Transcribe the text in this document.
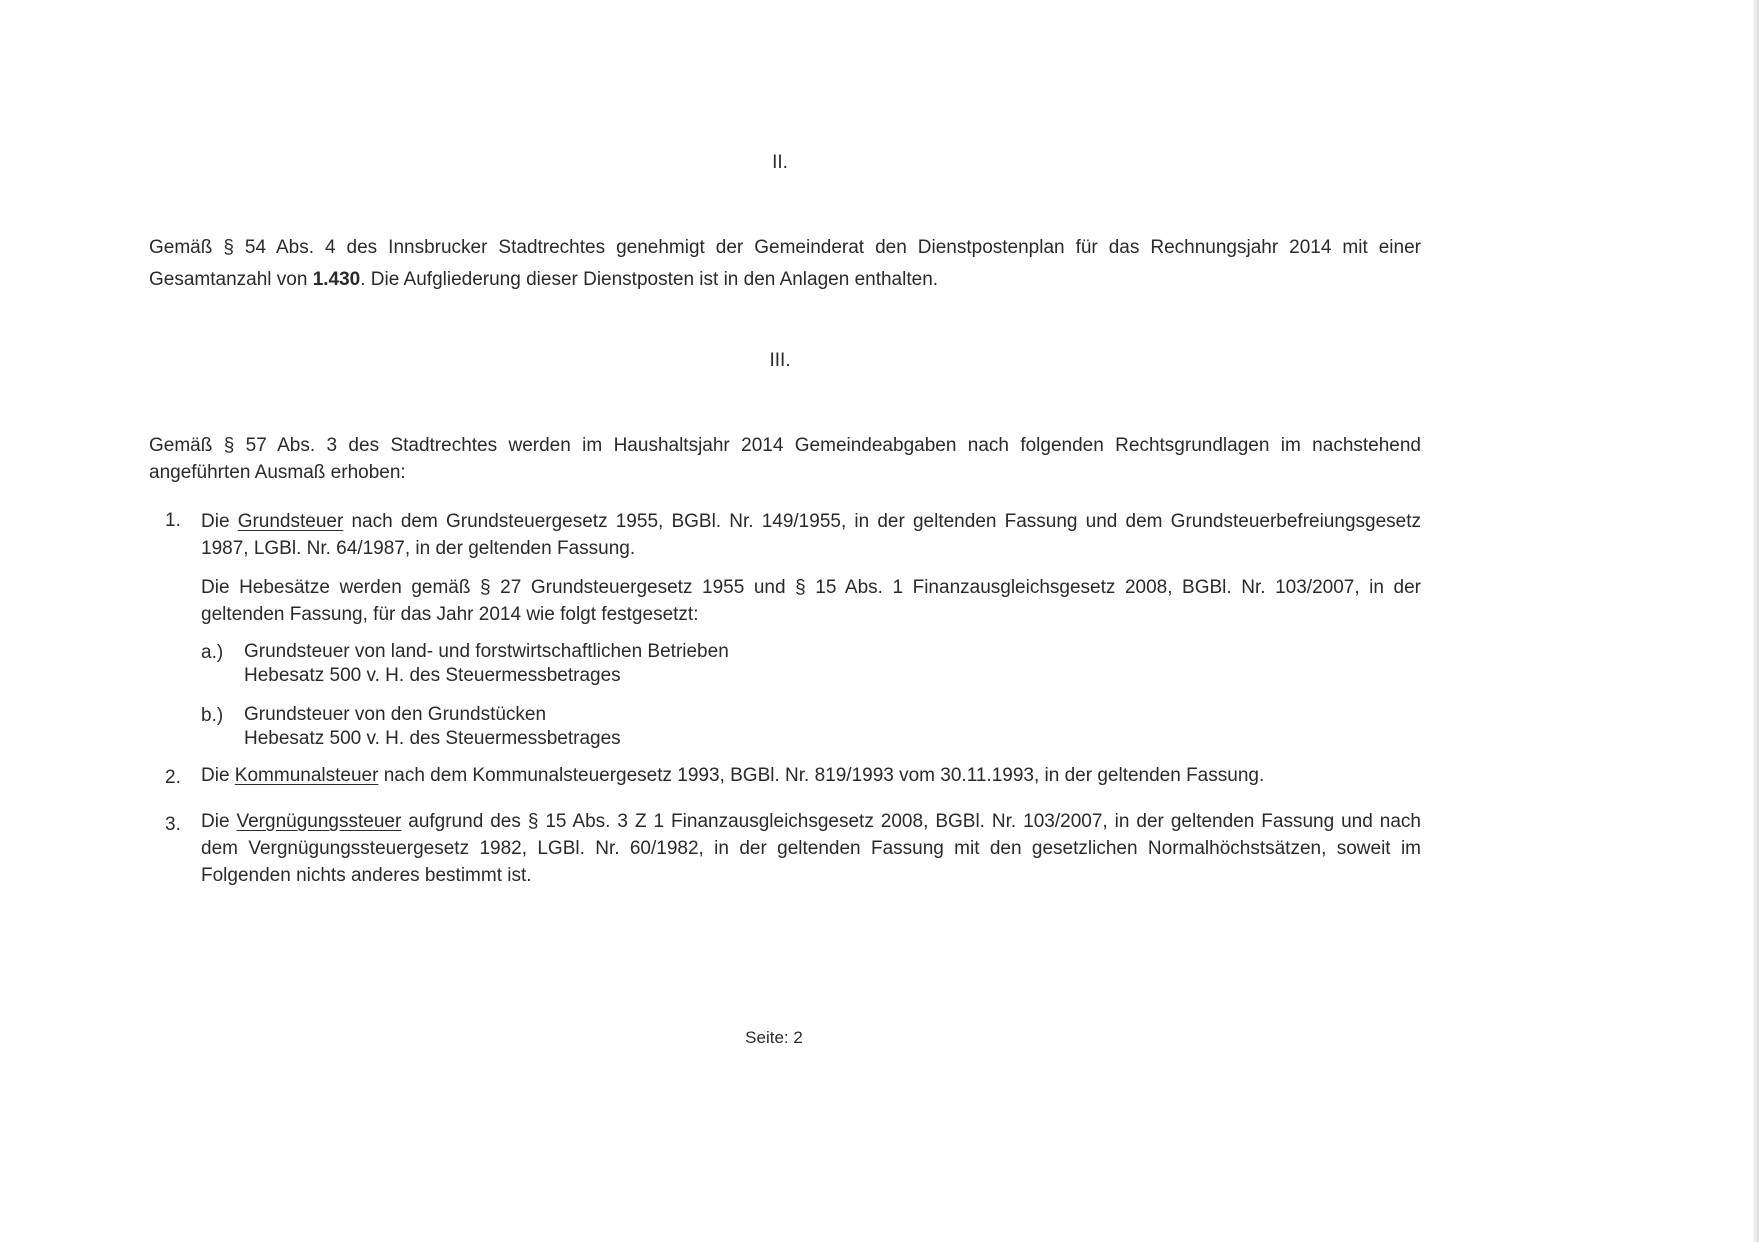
II.
Gemäß § 54 Abs. 4 des Innsbrucker Stadtrechtes genehmigt der Gemeinderat den Dienstpostenplan für das Rechnungsjahr 2014 mit einer Gesamtanzahl von 1.430. Die Aufgliederung dieser Dienstposten ist in den Anlagen enthalten.
III.
Gemäß § 57 Abs. 3 des Stadtrechtes werden im Haushaltsjahr 2014 Gemeindeabgaben nach folgenden Rechtsgrundlagen im nachstehend angeführten Ausmaß erhoben:
1. Die Grundsteuer nach dem Grundsteuergesetz 1955, BGBl. Nr. 149/1955, in der geltenden Fassung und dem Grundsteuerbefreiungsgesetz 1987, LGBl. Nr. 64/1987, in der geltenden Fassung.
Die Hebesätze werden gemäß § 27 Grundsteuergesetz 1955 und § 15 Abs. 1 Finanzausgleichsgesetz 2008, BGBl. Nr. 103/2007, in der geltenden Fassung, für das Jahr 2014 wie folgt festgesetzt:
a.) Grundsteuer von land- und forstwirtschaftlichen Betrieben
Hebesatz 500 v. H. des Steuermessbetrages
b.) Grundsteuer von den Grundstücken
Hebesatz 500 v. H. des Steuermessbetrages
2. Die Kommunalsteuer nach dem Kommunalsteuergesetz 1993, BGBl. Nr. 819/1993 vom 30.11.1993, in der geltenden Fassung.
3. Die Vergnügungssteuer aufgrund des § 15 Abs. 3 Z 1 Finanzausgleichsgesetz 2008, BGBl. Nr. 103/2007, in der geltenden Fassung und nach dem Vergnügungssteuergesetz 1982, LGBl. Nr. 60/1982, in der geltenden Fassung mit den gesetzlichen Normalhöchstsätzen, soweit im Folgenden nichts anderes bestimmt ist.
Seite: 2
